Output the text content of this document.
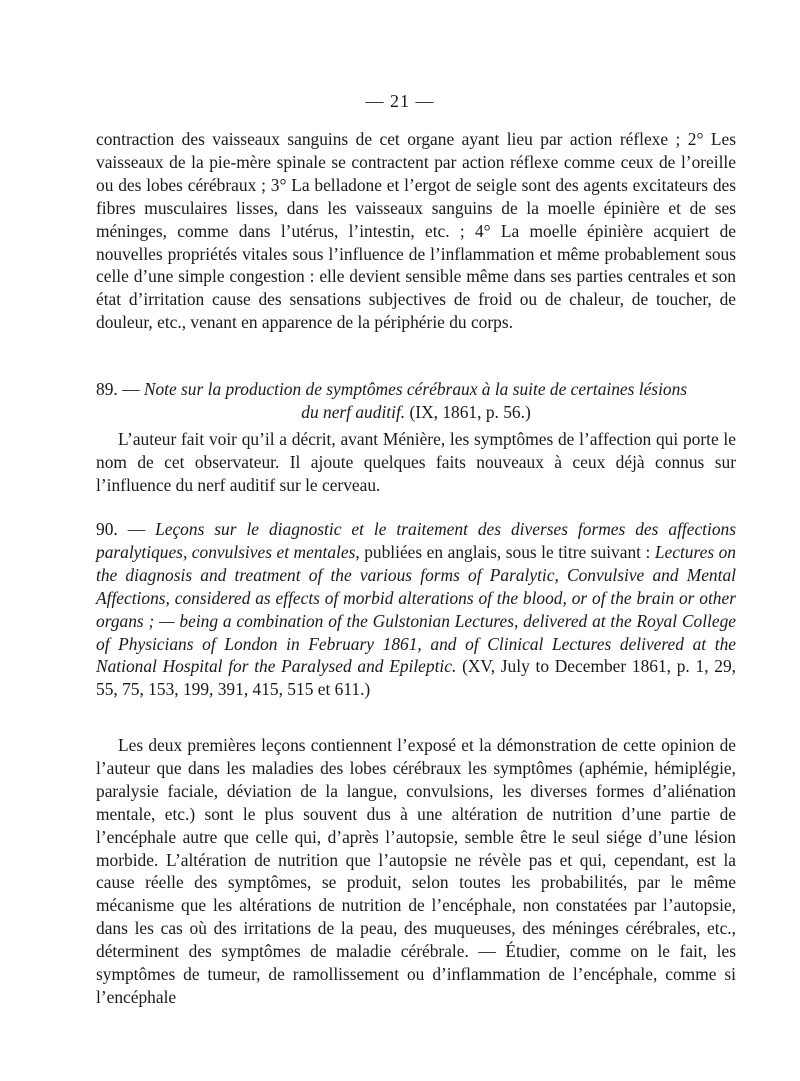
— 21 —

contraction des vaisseaux sanguins de cet organe ayant lieu par action réflexe ; 2° Les vaisseaux de la pie-mère spinale se contractent par action réflexe comme ceux de l’oreille ou des lobes cérébraux ; 3° La belladone et l’ergot de seigle sont des agents excitateurs des fibres musculaires lisses, dans les vaisseaux sanguins de la moelle épinière et de ses méninges, comme dans l’utérus, l’intestin, etc. ; 4° La moelle épinière acquiert de nouvelles propriétés vitales sous l’influence de l’inflammation et même probablement sous celle d’une simple congestion : elle devient sensible même dans ses parties centrales et son état d’irritation cause des sensations subjectives de froid ou de chaleur, de toucher, de douleur, etc., venant en apparence de la périphérie du corps.

89. — Note sur la production de symptômes cérébraux à la suite de certaines lésions
du nerf auditif. (IX, 1861, p. 56.)

L’auteur fait voir qu’il a décrit, avant Ménière, les symptômes de l’affection qui porte le nom de cet observateur. Il ajoute quelques faits nouveaux à ceux déjà connus sur l’influence du nerf auditif sur le cerveau.

90. — Leçons sur le diagnostic et le traitement des diverses formes des affections paralytiques, convulsives et mentales, publiées en anglais, sous le titre suivant : Lectures on the diagnosis and treatment of the various forms of Paralytic, Convulsive and Mental Affections, considered as effects of morbid alterations of the blood, or of the brain or other organs ; — being a combination of the Gulstonian Lectures, delivered at the Royal College of Physicians of London in February 1861, and of Clinical Lectures delivered at the National Hospital for the Paralysed and Epileptic. (XV, July to December 1861, p. 1, 29, 55, 75, 153, 199, 391, 415, 515 et 611.)

Les deux premières leçons contiennent l’exposé et la démonstration de cette opinion de l’auteur que dans les maladies des lobes cérébraux les symptômes (aphémie, hémiplégie, paralysie faciale, déviation de la langue, convulsions, les diverses formes d’aliénation mentale, etc.) sont le plus souvent dus à une altération de nutrition d’une partie de l’encéphale autre que celle qui, d’après l’autopsie, semble être le seul siége d’une lésion morbide. L’altération de nutrition que l’autopsie ne révèle pas et qui, cependant, est la cause réelle des symptômes, se produit, selon toutes les probabilités, par le même mécanisme que les altérations de nutrition de l’encéphale, non constatées par l’autopsie, dans les cas où des irritations de la peau, des muqueuses, des méninges cérébrales, etc., déterminent des symptômes de maladie cérébrale. — Étudier, comme on le fait, les symptômes de tumeur, de ramollissement ou d’inflammation de l’encéphale, comme si l’encéphale
